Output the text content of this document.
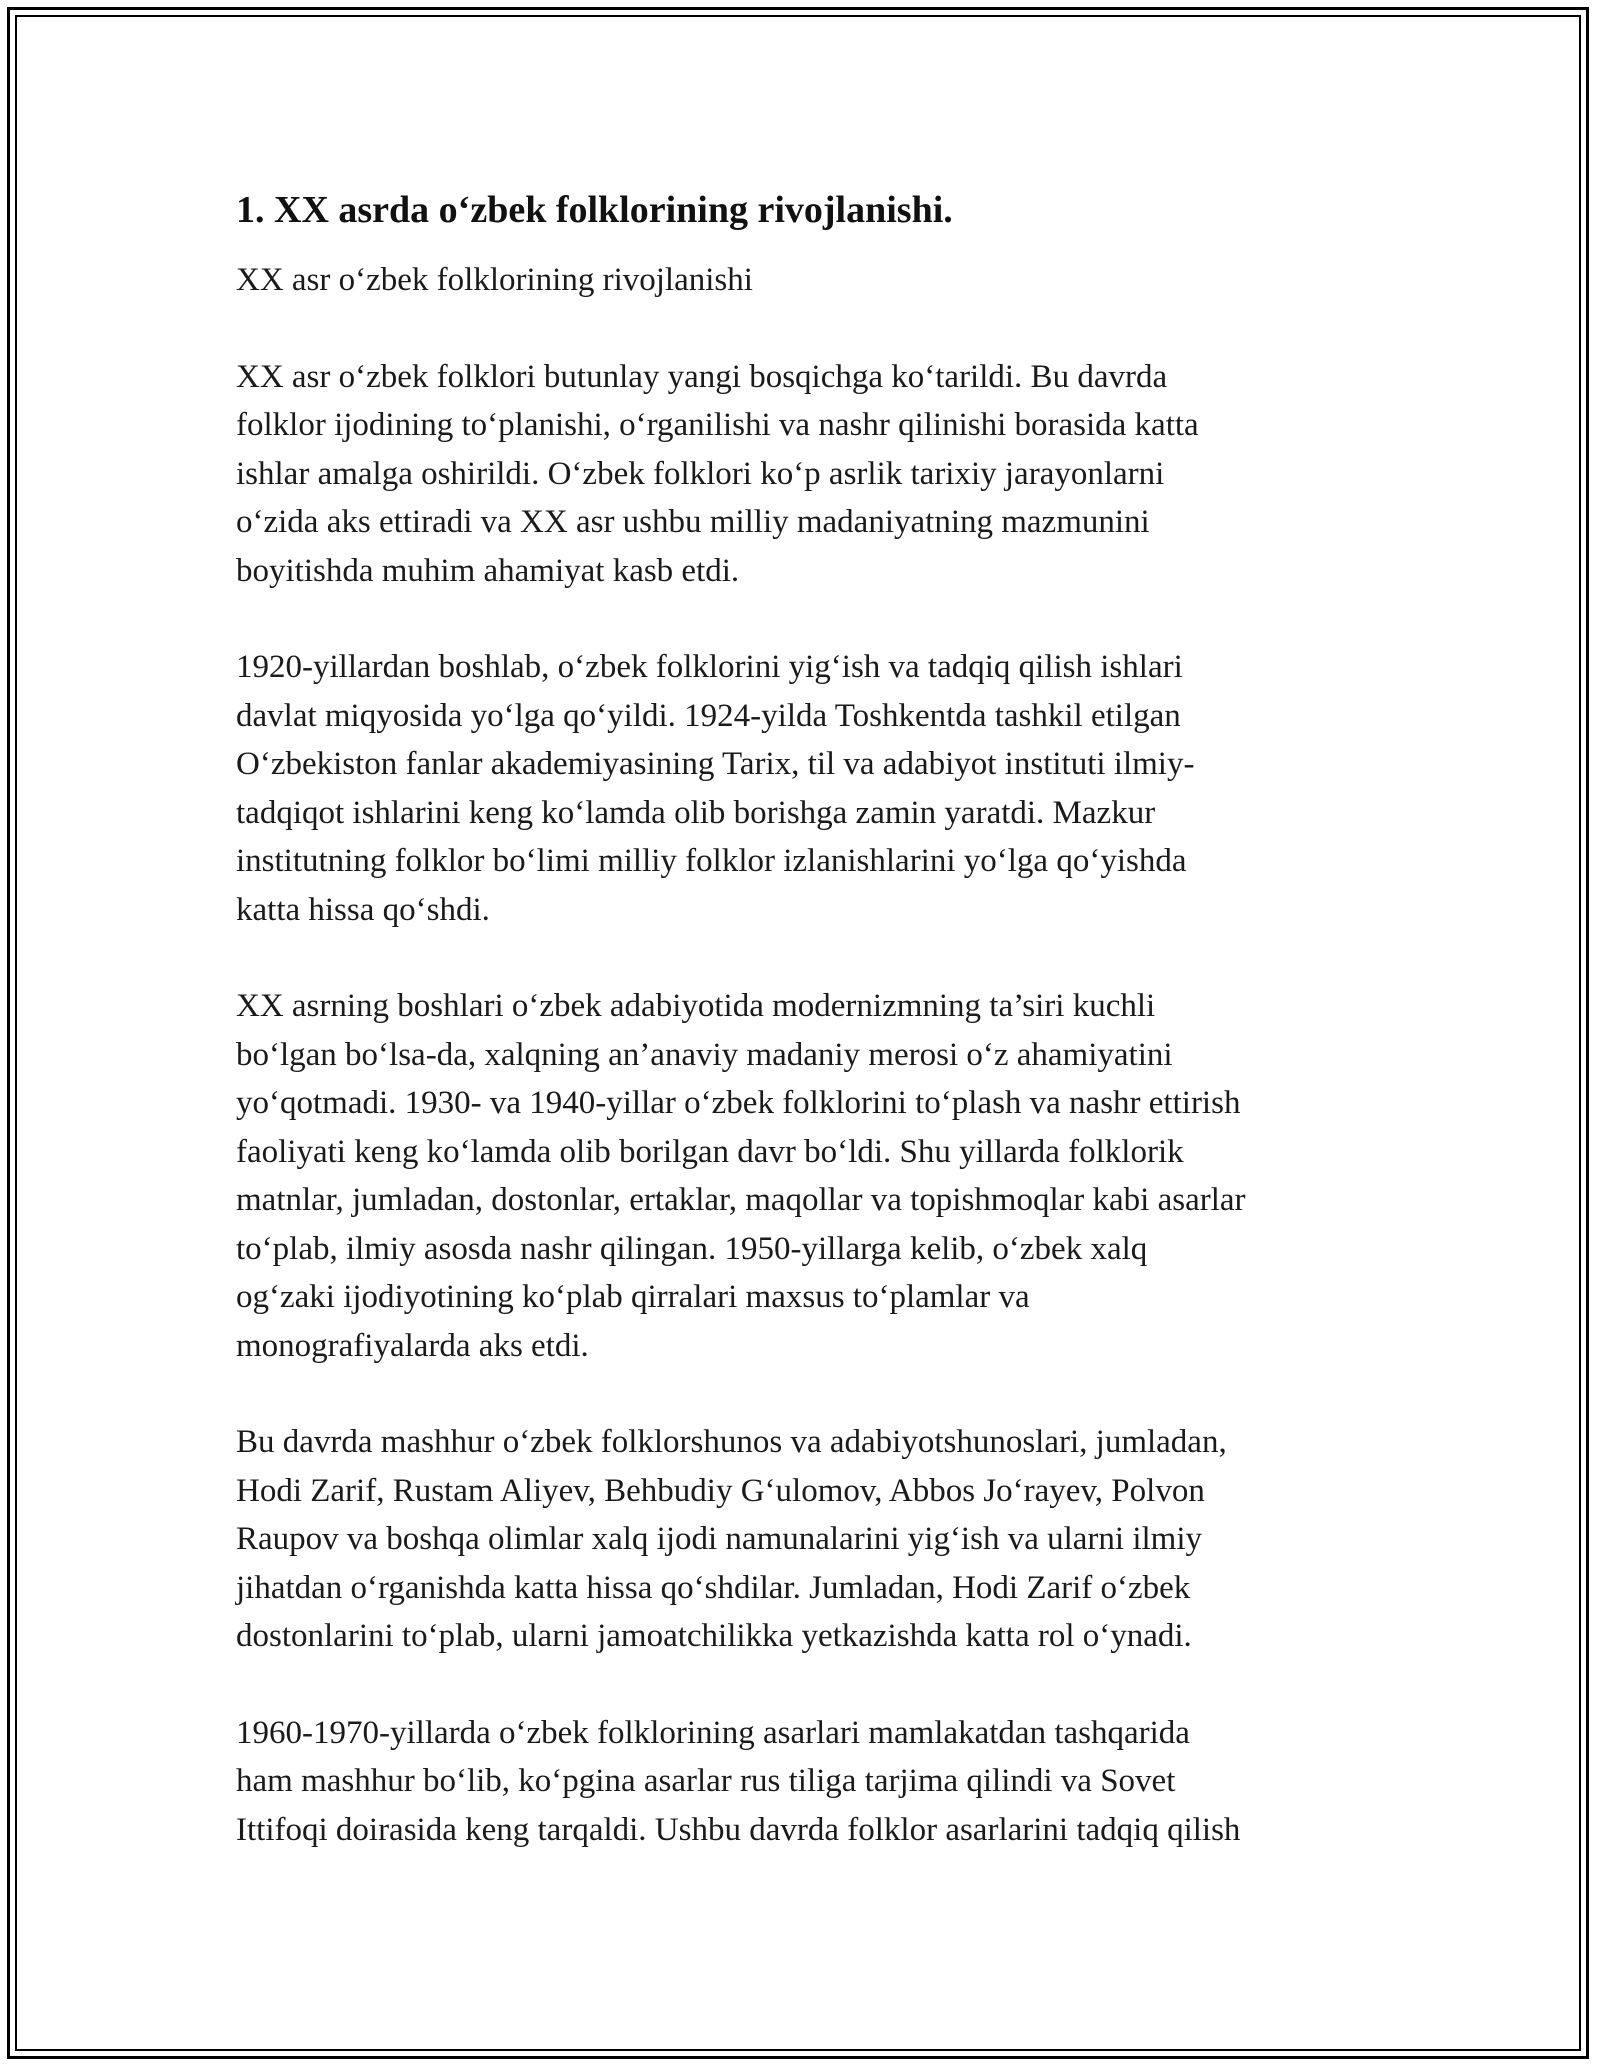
1. XX asrda o‘zbek folklorining rivojlanishi.

XX asr o‘zbek folklorining rivojlanishi

XX asr o‘zbek folklori butunlay yangi bosqichga ko‘tarildi. Bu davrda
folklor ijodining to‘planishi, o‘rganilishi va nashr qilinishi borasida katta
ishlar amalga oshirildi. O‘zbek folklori ko‘p asrlik tarixiy jarayonlarni
o‘zida aks ettiradi va XX asr ushbu milliy madaniyatning mazmunini
boyitishda muhim ahamiyat kasb etdi.

1920-yillardan boshlab, o‘zbek folklorini yig‘ish va tadqiq qilish ishlari
davlat miqyosida yo‘lga qo‘yildi. 1924-yilda Toshkentda tashkil etilgan
O‘zbekiston fanlar akademiyasining Tarix, til va adabiyot instituti ilmiy-
tadqiqot ishlarini keng ko‘lamda olib borishga zamin yaratdi. Mazkur
institutning folklor bo‘limi milliy folklor izlanishlarini yo‘lga qo‘yishda
katta hissa qo‘shdi.

XX asrning boshlari o‘zbek adabiyotida modernizmning ta’siri kuchli
bo‘lgan bo‘lsa-da, xalqning an’anaviy madaniy merosi o‘z ahamiyatini
yo‘qotmadi. 1930- va 1940-yillar o‘zbek folklorini to‘plash va nashr ettirish
faoliyati keng ko‘lamda olib borilgan davr bo‘ldi. Shu yillarda folklorik
matnlar, jumladan, dostonlar, ertaklar, maqollar va topishmoqlar kabi asarlar
to‘plab, ilmiy asosda nashr qilingan. 1950-yillarga kelib, o‘zbek xalq
og‘zaki ijodiyotining ko‘plab qirralari maxsus to‘plamlar va
monografiyalarda aks etdi.

Bu davrda mashhur o‘zbek folklorshunos va adabiyotshunoslari, jumladan,
Hodi Zarif, Rustam Aliyev, Behbudiy G‘ulomov, Abbos Jo‘rayev, Polvon
Raupov va boshqa olimlar xalq ijodi namunalarini yig‘ish va ularni ilmiy
jihatdan o‘rganishda katta hissa qo‘shdilar. Jumladan, Hodi Zarif o‘zbek
dostonlarini to‘plab, ularni jamoatchilikka yetkazishda katta rol o‘ynadi.

1960-1970-yillarda o‘zbek folklorining asarlari mamlakatdan tashqarida
ham mashhur bo‘lib, ko‘pgina asarlar rus tiliga tarjima qilindi va Sovet
Ittifoqi doirasida keng tarqaldi. Ushbu davrda folklor asarlarini tadqiq qilish
